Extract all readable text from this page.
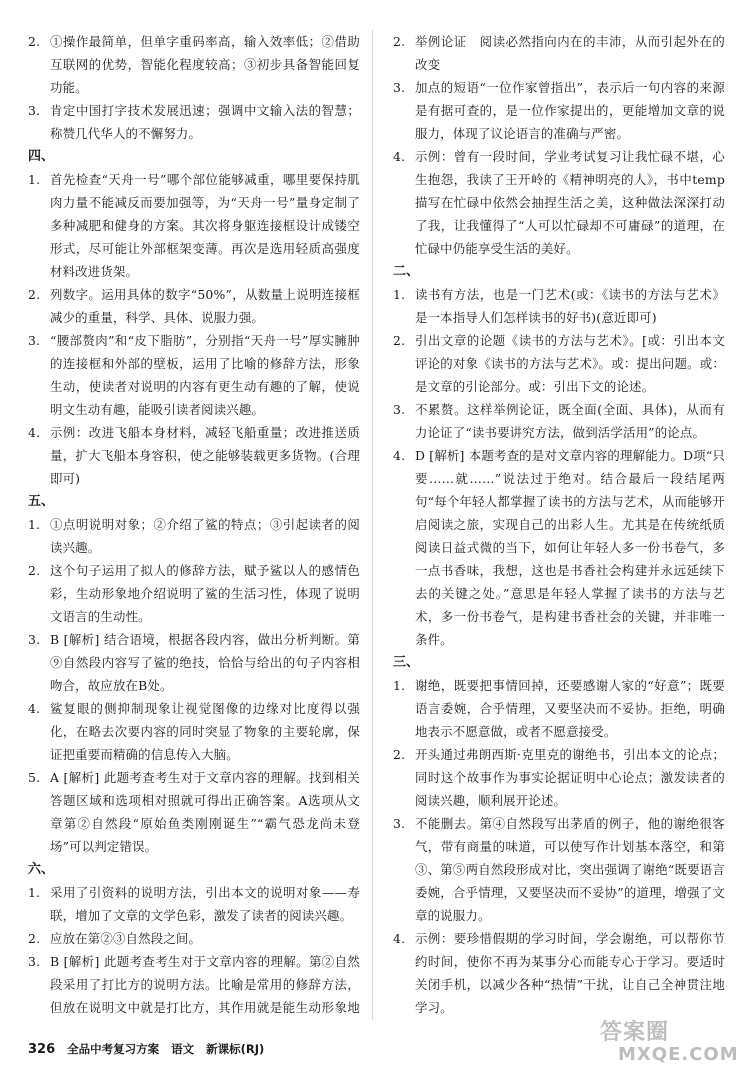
2. ①操作最简单，但单字重码率高，输入效率低；②借助互联网的优势，智能化程度较高；③初步具备智能回复功能。
3. 肯定中国打字技术发展迅速；强调中文输入法的智慧；称赞几代华人的不懈努力。
四、
1. 首先检查“天舟一号”哪个部位能够减重，哪里要保持肌肉力量不能减反而要加强等，为“天舟一号”量身定制了多种减肥和健身的方案。其次将身躯连接框设计成镂空形式，尽可能让外部框架变薄。再次是选用轻质高强度材料改进货架。
2. 列数字。运用具体的数字“50%”，从数量上说明连接框减少的重量，科学、具体、说服力强。
3. “腰部赘肉”和“皮下脂肪”，分别指“天舟一号”厚实臃肿的连接框和外部的壁板，运用了比喻的修辞方法，形象生动，使读者对说明的内容有更生动有趣的了解，使说明文生动有趣，能吸引读者阅读兴趣。
4. 示例：改进飞船本身材料，减轻飞船重量；改进推送质量，扩大飞船本身容积，使之能够装载更多货物。(合理即可)
五、
1. ①点明说明对象；②介绍了鲨的特点；③引起读者的阅读兴趣。
2. 这个句子运用了拟人的修辞方法，赋予鲨以人的感情色彩，生动形象地介绍说明了鲨的生活习性，体现了说明文语言的生动性。
3. B [解析] 结合语境，根据各段内容，做出分析判断。第⑨自然段内容写了鲨的绝技，恰恰与给出的句子内容相吻合，故应放在B处。
4. 鲨复眼的侧抑制现象让视觉图像的边缘对比度得以强化，在略去次要内容的同时突显了物象的主要轮廓，保证把重要而精确的信息传入大脑。
5. A [解析] 此题考查考生对于文章内容的理解。找到相关答题区域和选项相对照就可得出正确答案。A选项从文章第②自然段“原始鱼类刚刚诞生”“霸气恐龙尚未登场”可以判定错误。
六、
1. 采用了引资料的说明方法，引出本文的说明对象——寿联，增加了文章的文学色彩，激发了读者的阅读兴趣。
2. 应放在第②③自然段之间。
3. B [解析] 此题考查考生对于文章内容的理解。第②自然段采用了打比方的说明方法。比喻是常用的修辞方法，但放在说明文中就是打比方，其作用就是能生动形象地
2. 举例论证　阅读必然指向内在的丰沛，从而引起外在的改变
3. 加点的短语“一位作家曾指出”，表示后一句内容的来源是有据可查的，是一位作家提出的，更能增加文章的说服力，体现了议论语言的准确与严密。
4. 示例：曾有一段时间，学业考试复习让我忙碌不堪，心生抱怨，我读了王开岭的《精神明亮的人》，书中temp描写在忙碌中依然会抽捏生活之美，这种做法深深打动了我，让我懂得了“人可以忙碌却不可庸碌”的道理，在忙碌中仍能享受生活的美好。
二、
1. 读书有方法，也是一门艺术(或：《读书的方法与艺术》是一本指导人们怎样读书的好书)(意近即可)
2. 引出文章的论题《读书的方法与艺术》。[或：引出本文评论的对象《读书的方法与艺术》。或：提出问题。或：是文章的引论部分。或：引出下文的论述。
3. 不累赘。这样举例论证，既全面(全面、具体)，从而有力论证了“读书要讲究方法，做到活学活用”的论点。
4. D [解析] 本题考查的是对文章内容的理解能力。D项“只要……就……”说法过于绝对。结合最后一段结尾两句“每个年轻人都掌握了读书的方法与艺术，从而能够开启阅读之旅，实现自己的出彩人生。尤其是在传统纸质阅读日益式微的当下，如何让年轻人多一份书卷气，多一点书香味，我想，这也是书香社会构建并永远延续下去的关键之处。”意思是年轻人掌握了读书的方法与艺术，多一份书卷气，是构建书香社会的关键，并非唯一条件。
三、
1. 谢绝，既要把事情回掉，还要感谢人家的“好意”；既要语言委婉，合乎情理，又要坚决而不妥协。拒绝，明确地表示不愿意做，或者不愿意接受。
2. 开头通过弗朗西斯·克里克的谢绝书，引出本文的论点；同时这个故事作为事实论据证明中心论点；激发读者的阅读兴趣，顺利展开论述。
3. 不能删去。第④自然段写出茅盾的例子，他的谢绝很客气，带有商量的味道，可以使写作计划基本落空，和第③、第⑤两自然段形成对比，突出强调了谢绝“既要语言委婉，合乎情理，又要坚决而不妥协”的道理，增强了文章的说服力。
4. 示例：要珍惜假期的学习时间，学会谢绝，可以帮你节约时间，使你不再为某事分心而能专心于学习。要适时关闭手机，以减少各种“热情”干扰，让自己全神贯注地学习。
326 全品中考复习方案 语文 新课标(RJ)
答案圈
MXQE.COM
